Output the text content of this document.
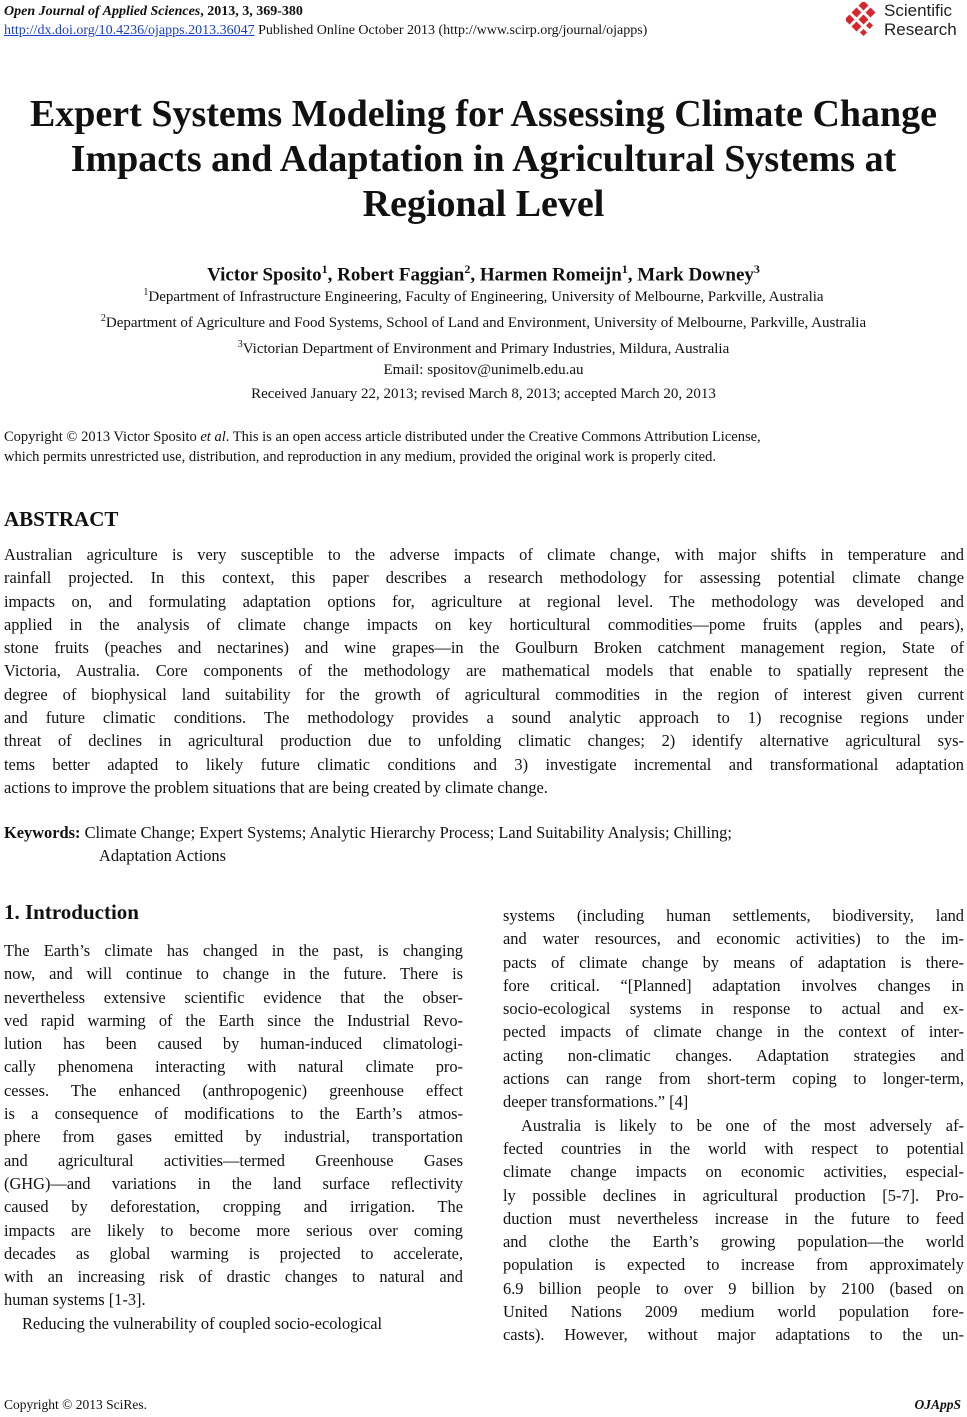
Open Journal of Applied Sciences, 2013, 3, 369-380
http://dx.doi.org/10.4236/ojapps.2013.36047 Published Online October 2013 (http://www.scirp.org/journal/ojapps)
Scientific
Research
Expert Systems Modeling for Assessing Climate Change
Impacts and Adaptation in Agricultural Systems at
Regional Level
Victor Sposito$^1$, Robert Faggian$^2$, Harmen Romeijn$^1$, Mark Downey$^3$
$^1$Department of Infrastructure Engineering, Faculty of Engineering, University of Melbourne, Parkville, Australia
$^2$Department of Agriculture and Food Systems, School of Land and Environment, University of Melbourne, Parkville, Australia
$^3$Victorian Department of Environment and Primary Industries, Mildura, Australia
Email: spositov@unimelb.edu.au
Received January 22, 2013; revised March 8, 2013; accepted March 20, 2013
Copyright © 2013 Victor Sposito et al. This is an open access article distributed under the Creative Commons Attribution License,
which permits unrestricted use, distribution, and reproduction in any medium, provided the original work is properly cited.
ABSTRACT
Australian agriculture is very susceptible to the adverse impacts of climate change, with major shifts in temperature and
rainfall projected. In this context, this paper describes a research methodology for assessing potential climate change
impacts on, and formulating adaptation options for, agriculture at regional level. The methodology was developed and
applied in the analysis of climate change impacts on key horticultural commodities—pome fruits (apples and pears),
stone fruits (peaches and nectarines) and wine grapes—in the Goulburn Broken catchment management region, State of
Victoria, Australia. Core components of the methodology are mathematical models that enable to spatially represent the
degree of biophysical land suitability for the growth of agricultural commodities in the region of interest given current
and future climatic conditions. The methodology provides a sound analytic approach to 1) recognise regions under
threat of declines in agricultural production due to unfolding climatic changes; 2) identify alternative agricultural sys-
tems better adapted to likely future climatic conditions and 3) investigate incremental and transformational adaptation
actions to improve the problem situations that are being created by climate change.
Keywords: Climate Change; Expert Systems; Analytic Hierarchy Process; Land Suitability Analysis; Chilling;
Adaptation Actions
1. Introduction
The Earth’s climate has changed in the past, is changing
now, and will continue to change in the future. There is
nevertheless extensive scientific evidence that the obser-
ved rapid warming of the Earth since the Industrial Revo-
lution has been caused by human-induced climatologi-
cally phenomena interacting with natural climate pro-
cesses. The enhanced (anthropogenic) greenhouse effect
is a consequence of modifications to the Earth’s atmos-
phere from gases emitted by industrial, transportation
and agricultural activities—termed Greenhouse Gases
(GHG)—and variations in the land surface reflectivity
caused by deforestation, cropping and irrigation. The
impacts are likely to become more serious over coming
decades as global warming is projected to accelerate,
with an increasing risk of drastic changes to natural and
human systems [1-3].
Reducing the vulnerability of coupled socio-ecological
systems (including human settlements, biodiversity, land
and water resources, and economic activities) to the im-
pacts of climate change by means of adaptation is there-
fore critical. “[Planned] adaptation involves changes in
socio-ecological systems in response to actual and ex-
pected impacts of climate change in the context of inter-
acting non-climatic changes. Adaptation strategies and
actions can range from short-term coping to longer-term,
deeper transformations.” [4]
Australia is likely to be one of the most adversely af-
fected countries in the world with respect to potential
climate change impacts on economic activities, especial-
ly possible declines in agricultural production [5-7]. Pro-
duction must nevertheless increase in the future to feed
and clothe the Earth’s growing population—the world
population is expected to increase from approximately
6.9 billion people to over 9 billion by 2100 (based on
United Nations 2009 medium world population fore-
casts). However, without major adaptations to the un-
Copyright © 2013 SciRes.	OJAppS
